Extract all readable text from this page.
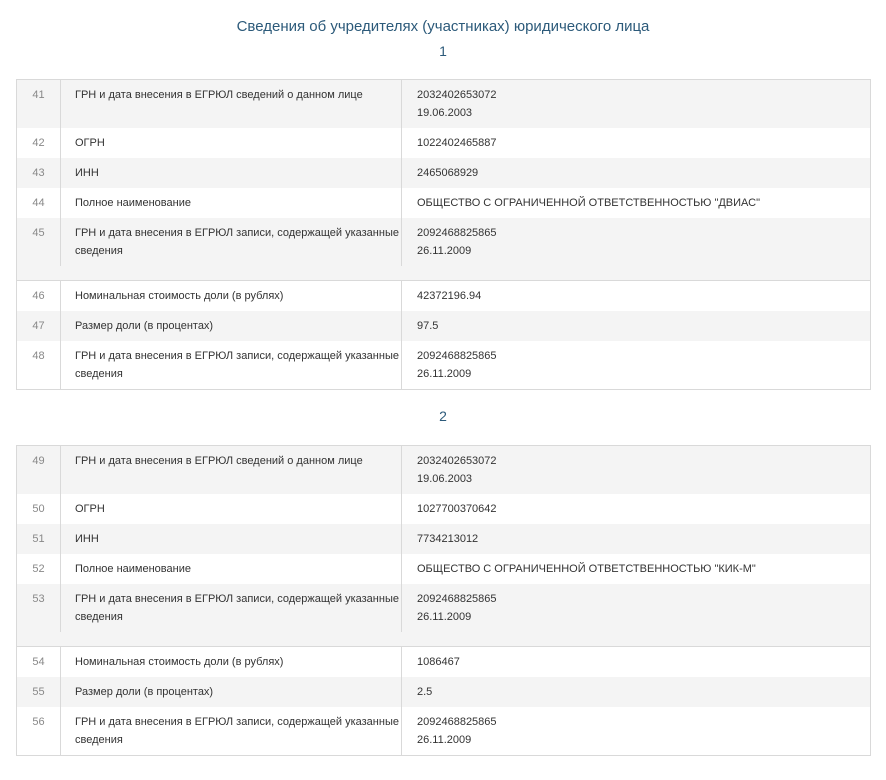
Сведения об учредителях (участниках) юридического лица
1
41	ГРН и дата внесения в ЕГРЮЛ сведений о данном лице	2032402653072
19.06.2003
42	ОГРН	1022402465887
43	ИНН	2465068929
44	Полное наименование	ОБЩЕСТВО С ОГРАНИЧЕННОЙ ОТВЕТСТВЕННОСТЬЮ "ДВИАС"
45	ГРН и дата внесения в ЕГРЮЛ записи, содержащей указанные сведения
2092468825865
26.11.2009
46	Номинальная стоимость доли (в рублях)	42372196.94
47	Размер доли (в процентах)	97.5
48	ГРН и дата внесения в ЕГРЮЛ записи, содержащей указанные сведения
2092468825865
26.11.2009
2
49	ГРН и дата внесения в ЕГРЮЛ сведений о данном лице	2032402653072
19.06.2003
50	ОГРН	1027700370642
51	ИНН	7734213012
52	Полное наименование	ОБЩЕСТВО С ОГРАНИЧЕННОЙ ОТВЕТСТВЕННОСТЬЮ "КИК-М"
53	ГРН и дата внесения в ЕГРЮЛ записи, содержащей указанные сведения
2092468825865
26.11.2009
54	Номинальная стоимость доли (в рублях)	1086467
55	Размер доли (в процентах)	2.5
56	ГРН и дата внесения в ЕГРЮЛ записи, содержащей указанные сведения
2092468825865
26.11.2009
